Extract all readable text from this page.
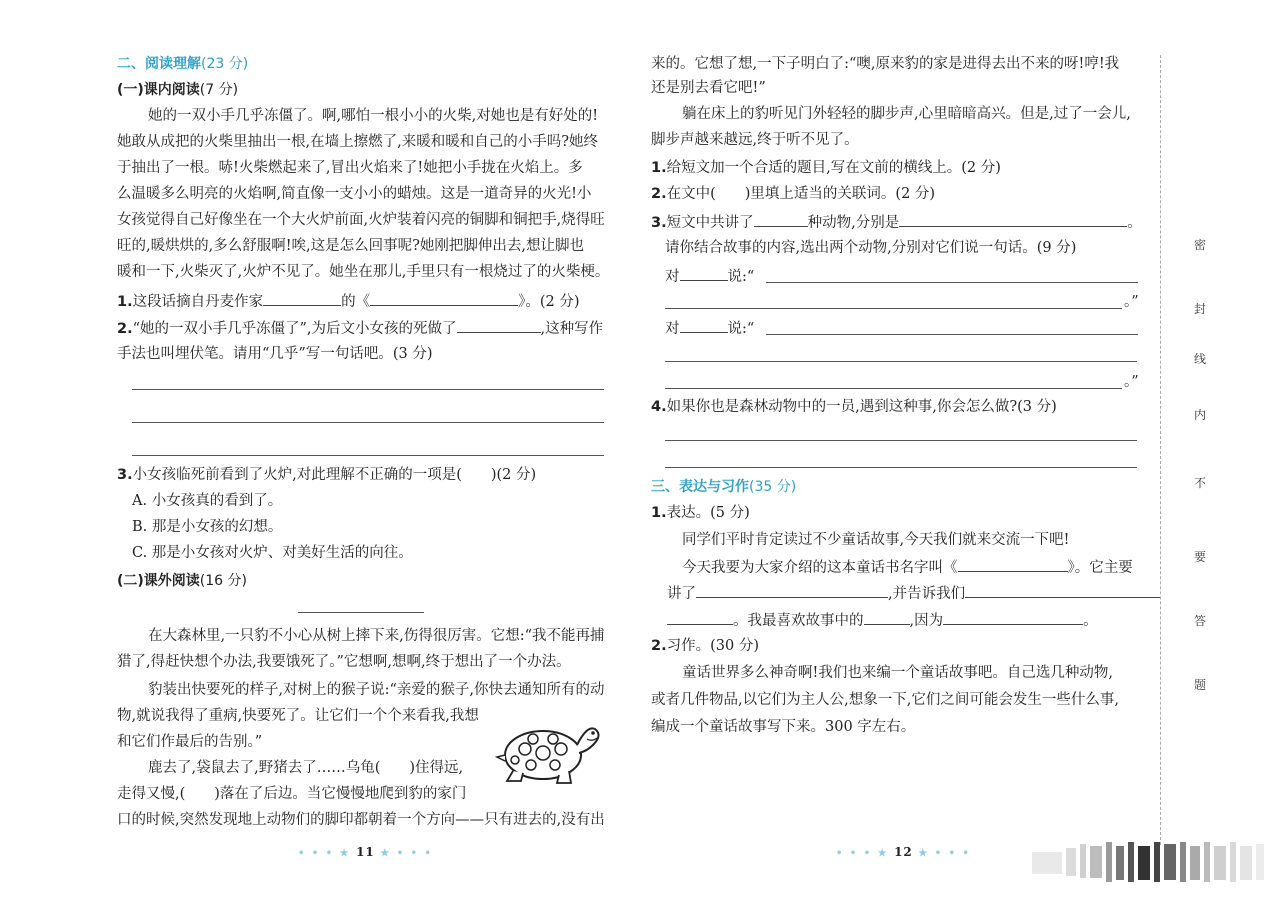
二、阅读理解(23 分)
(一)课内阅读(7 分)
她的一双小手几乎冻僵了。啊,哪怕一根小小的火柴,对她也是有好处的!
她敢从成把的火柴里抽出一根,在墙上擦燃了,来暖和暖和自己的小手吗?她终
于抽出了一根。哧!火柴燃起来了,冒出火焰来了!她把小手拢在火焰上。多
么温暖多么明亮的火焰啊,简直像一支小小的蜡烛。这是一道奇异的火光!小
女孩觉得自己好像坐在一个大火炉前面,火炉装着闪亮的铜脚和铜把手,烧得旺
旺的,暖烘烘的,多么舒服啊!唉,这是怎么回事呢?她刚把脚伸出去,想让脚也
暖和一下,火柴灭了,火炉不见了。她坐在那儿,手里只有一根烧过了的火柴梗。
1.这段话摘自丹麦作家	的《	》。(2 分)
2.“她的一双小手几乎冻僵了”,为后文小女孩的死做了	,这种写作
手法也叫埋伏笔。请用“几乎”写一句话吧。(3 分)
3.小女孩临死前看到了火炉,对此理解不正确的一项是(　　)(2 分)
A. 小女孩真的看到了。
B. 那是小女孩的幻想。
C. 那是小女孩对火炉、对美好生活的向往。
(二)课外阅读(16 分)
在大森林里,一只豹不小心从树上摔下来,伤得很厉害。它想:“我不能再捕
猎了,得赶快想个办法,我要饿死了。”它想啊,想啊,终于想出了一个办法。
豹装出快要死的样子,对树上的猴子说:“亲爱的猴子,你快去通知所有的动
物,就说我得了重病,快要死了。让它们一个个来看我,我想
和它们作最后的告别。”
鹿去了,袋鼠去了,野猪去了……乌龟(　　)住得远,
走得又慢,(　　)落在了后边。当它慢慢地爬到豹的家门
口的时候,突然发现地上动物们的脚印都朝着一个方向——只有进去的,没有出
• • • ★ 11 ★ • • •
来的。它想了想,一下子明白了:“噢,原来豹的家是进得去出不来的呀!哼!我
还是别去看它吧!”
躺在床上的豹听见门外轻轻的脚步声,心里暗暗高兴。但是,过了一会儿,
脚步声越来越远,终于听不见了。
1.给短文加一个合适的题目,写在文前的横线上。(2 分)
2.在文中(　　)里填上适当的关联词。(2 分)
3.短文中共讲了	种动物,分别是	。
请你结合故事的内容,选出两个动物,分别对它们说一句话。(9 分)
对	说:“
。”
对	说:“
。”
4.如果你也是森林动物中的一员,遇到这种事,你会怎么做?(3 分)
三、表达与习作(35 分)
1.表达。(5 分)
同学们平时肯定读过不少童话故事,今天我们就来交流一下吧!
今天我要为大家介绍的这本童话书名字叫《	》。它主要
讲了	,并告诉我们
。我最喜欢故事中的	,因为	。
2.习作。(30 分)
童话世界多么神奇啊!我们也来编一个童话故事吧。自己选几种动物,
或者几件物品,以它们为主人公,想象一下,它们之间可能会发生一些什么事,
编成一个童话故事写下来。300 字左右。
• • • ★ 12 ★ • • •
密
封
线
内
不
要
答
题
